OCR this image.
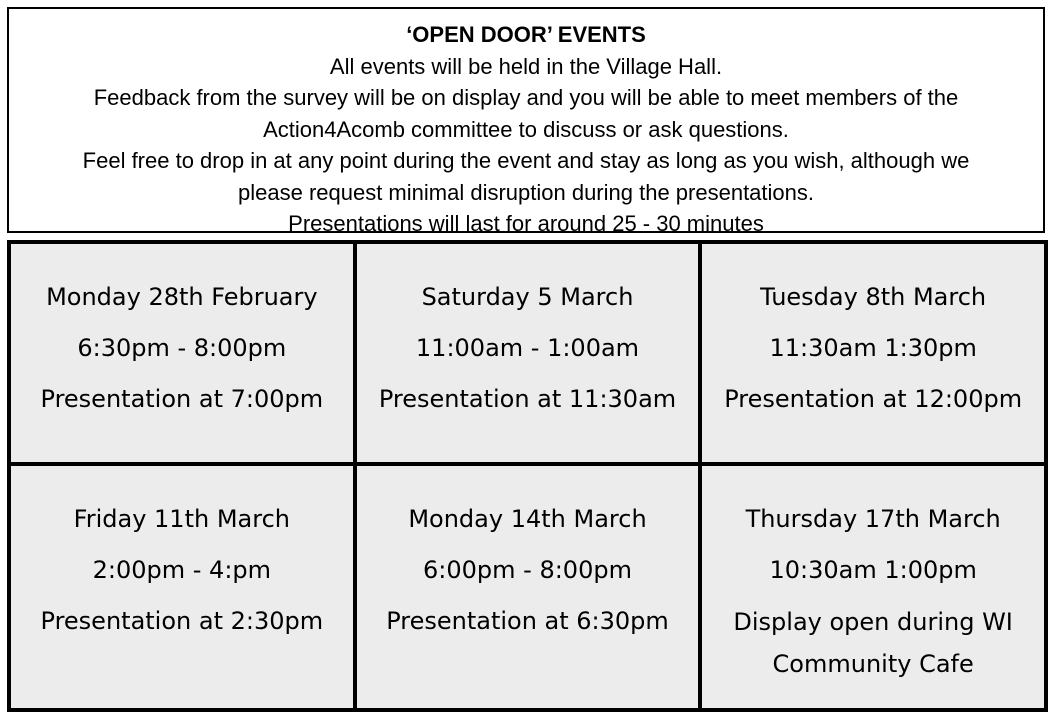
‘OPEN DOOR’ EVENTS
All events will be held in the Village Hall.
Feedback from the survey will be on display and you will be able to meet members of the
Action4Acomb committee to discuss or ask questions.
Feel free to drop in at any point during the event and stay as long as you wish, although we
please request minimal disruption during the presentations.
Presentations will last for around 25 - 30 minutes
Monday 28th February
6:30pm - 8:00pm
Presentation at 7:00pm
Saturday 5 March
11:00am - 1:00am
Presentation at 11:30am
Tuesday 8th March
11:30am 1:30pm
Presentation at 12:00pm
Friday 11th March
2:00pm - 4:pm
Presentation at 2:30pm
Monday 14th March
6:00pm - 8:00pm
Presentation at 6:30pm
Thursday 17th March
10:30am 1:00pm
Display open during WI Community Cafe
